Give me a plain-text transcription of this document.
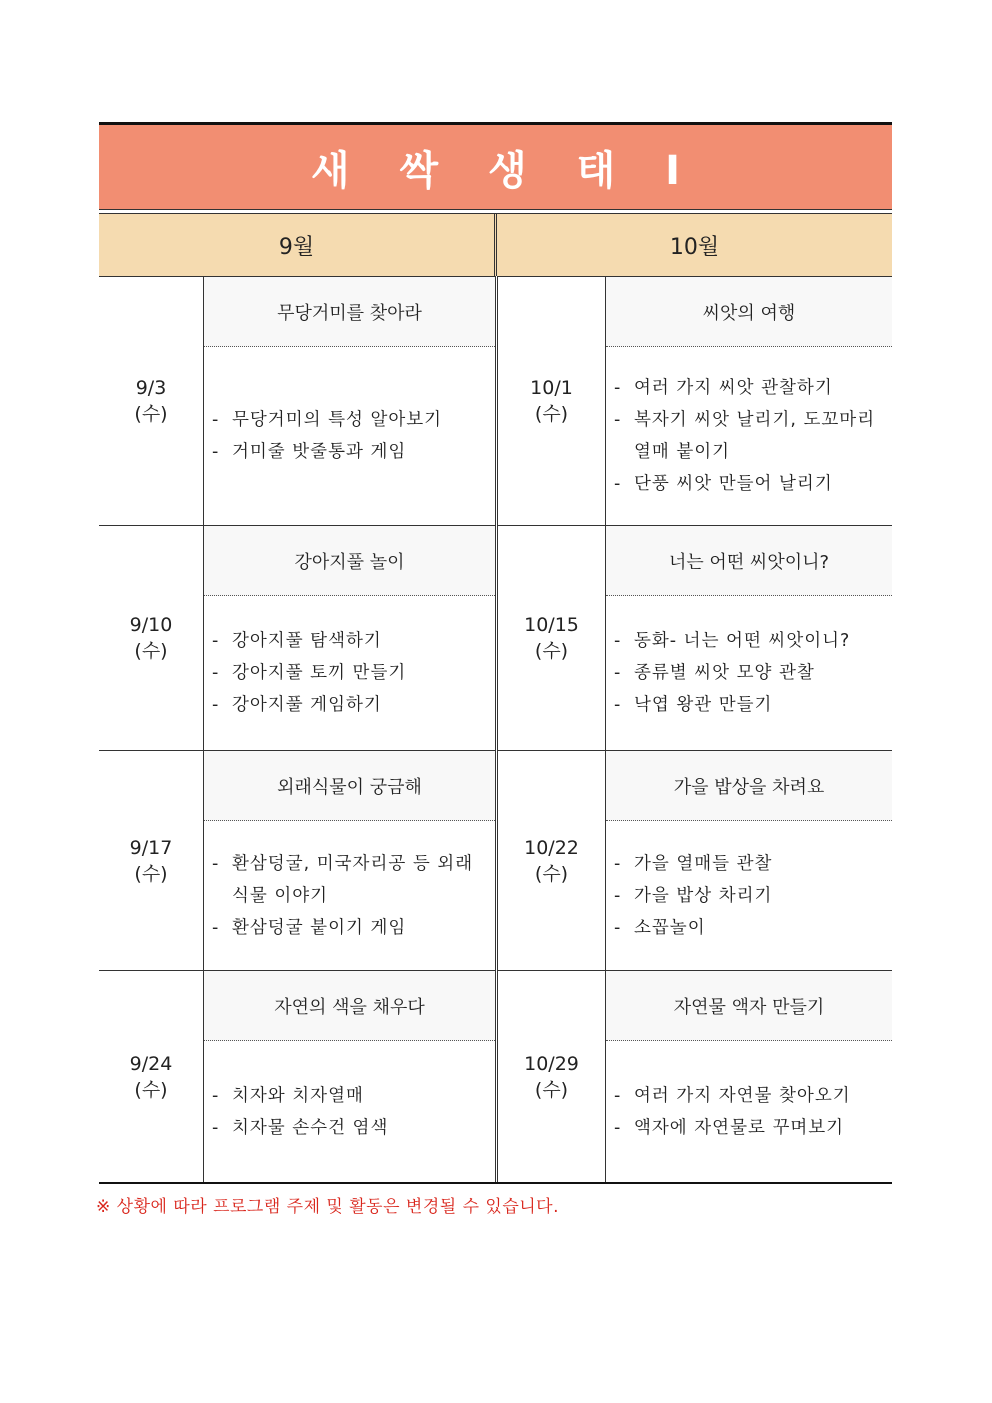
새 싹 생 태 I
9월	10월
9/3
(수)
무당거미를 찾아라
- 무당거미의 특성 알아보기
- 거미줄 밧줄통과 게임
9/10
(수)
강아지풀 놀이
- 강아지풀 탐색하기
- 강아지풀 토끼 만들기
- 강아지풀 게임하기
9/17
(수)
외래식물이 궁금해
- 환삼덩굴, 미국자리공 등 외래 식물 이야기
- 환삼덩굴 붙이기 게임
9/24
(수)
자연의 색을 채우다
- 치자와 치자열매
- 치자물 손수건 염색
10/1
(수)
씨앗의 여행
- 여러 가지 씨앗 관찰하기
- 복자기 씨앗 날리기, 도꼬마리 열매 붙이기
- 단풍 씨앗 만들어 날리기
10/15
(수)
너는 어떤 씨앗이니?
- 동화- 너는 어떤 씨앗이니?
- 종류별 씨앗 모양 관찰
- 낙엽 왕관 만들기
10/22
(수)
가을 밥상을 차려요
- 가을 열매들 관찰
- 가을 밥상 차리기
- 소꼽놀이
10/29
(수)
자연물 액자 만들기
- 여러 가지 자연물 찾아오기
- 액자에 자연물로 꾸며보기
※ 상황에 따라 프로그램 주제 및 활동은 변경될 수 있습니다.
